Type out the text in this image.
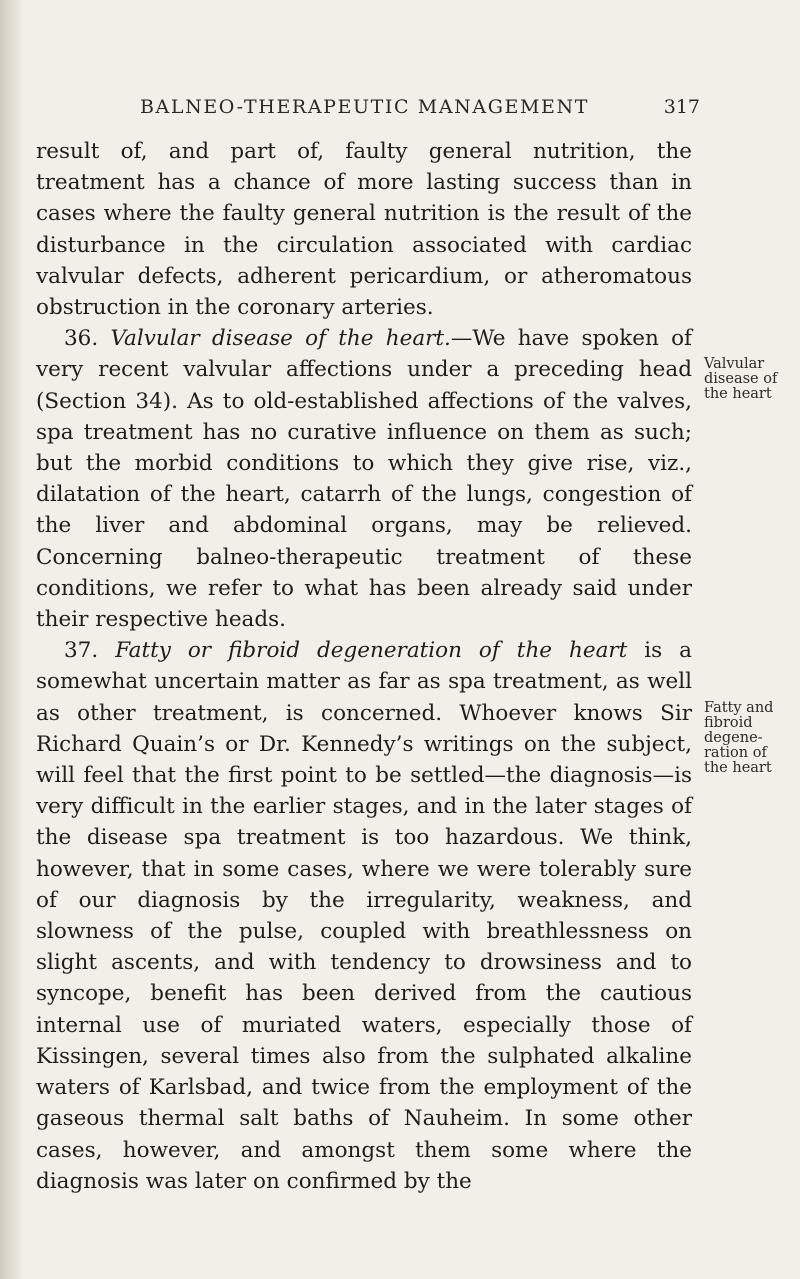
BALNEO-THERAPEUTIC MANAGEMENT	317

result of, and part of, faulty general nutrition, the treatment has a chance of more lasting success than in cases where the faulty general nutrition is the result of the disturbance in the circulation associated with cardiac valvular defects, adherent pericardium, or atheromatous obstruction in the coronary arteries.

36. Valvular disease of the heart.—We have spoken of very recent valvular affections under a preceding head (Section 34). As to old-established affections of the valves, spa treatment has no curative influence on them as such; but the morbid conditions to which they give rise, viz., dilatation of the heart, catarrh of the lungs, congestion of the liver and abdominal organs, may be relieved. Concerning balneo-therapeutic treatment of these conditions, we refer to what has been already said under their respective heads.

37. Fatty or fibroid degeneration of the heart is a somewhat uncertain matter as far as spa treatment, as well as other treatment, is concerned. Whoever knows Sir Richard Quain’s or Dr. Kennedy’s writings on the subject, will feel that the first point to be settled—the diagnosis—is very difficult in the earlier stages, and in the later stages of the disease spa treatment is too hazardous. We think, however, that in some cases, where we were tolerably sure of our diagnosis by the irregularity, weakness, and slowness of the pulse, coupled with breathlessness on slight ascents, and with tendency to drowsiness and to syncope, benefit has been derived from the cautious internal use of muriated waters, especially those of Kissingen, several times also from the sulphated alkaline waters of Karlsbad, and twice from the employment of the gaseous thermal salt baths of Nauheim. In some other cases, however, and amongst them some where the diagnosis was later on confirmed by the

Valvular
disease of
the heart
Fatty and
fibroid
degene-
ration of
the heart
